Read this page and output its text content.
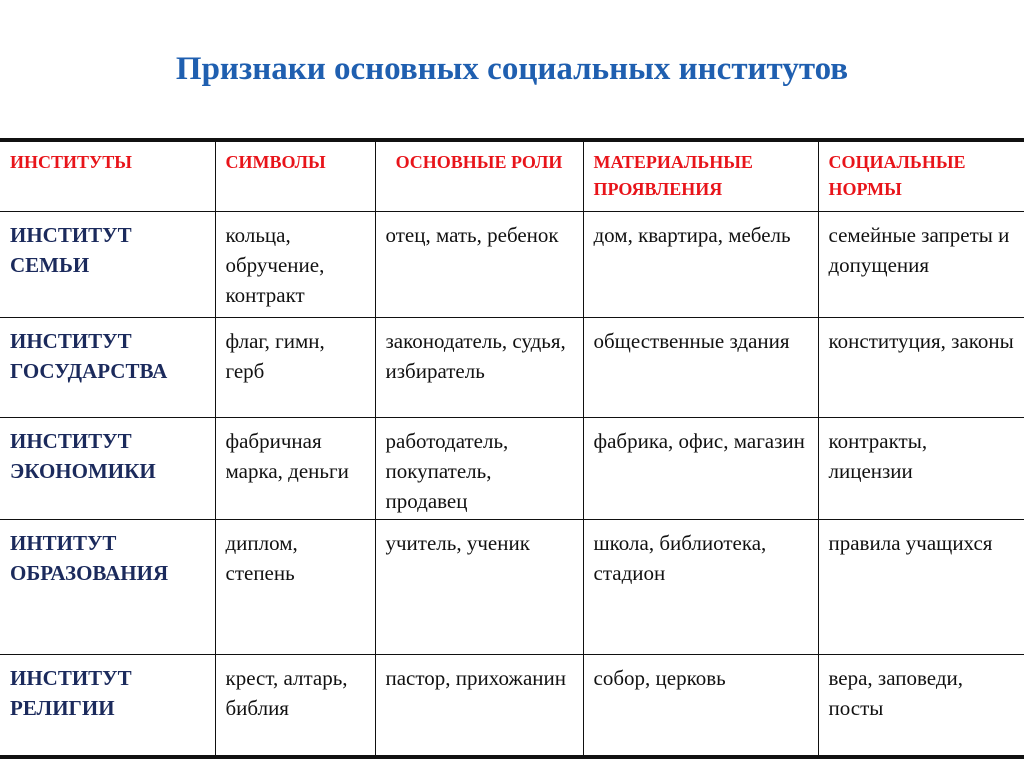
Признаки основных социальных институтов
ИНСТИТУТЫ	СИМВОЛЫ	ОСНОВНЫЕ РОЛИ	МАТЕРИАЛЬНЫЕ ПРОЯВЛЕНИЯ	СОЦИАЛЬНЫЕ НОРМЫ
ИНСТИТУТ СЕМЬИ	кольца, обручение, контракт	отец, мать, ребенок	дом, квартира, мебель	семейные запреты и допущения
ИНСТИТУТ ГОСУДАРСТВА	флаг, гимн, герб	законодатель, судья, избиратель	общественные здания	конституция, законы
ИНСТИТУТ ЭКОНОМИКИ	фабричная марка, деньги	работодатель, покупатель, продавец	фабрика, офис, магазин	контракты, лицензии
ИНТИТУТ ОБРАЗОВАНИЯ	диплом, степень	учитель, ученик	школа, библиотека, стадион	правила учащихся
ИНСТИТУТ РЕЛИГИИ	крест, алтарь, библия	пастор, прихожанин	собор, церковь	вера, заповеди, посты
